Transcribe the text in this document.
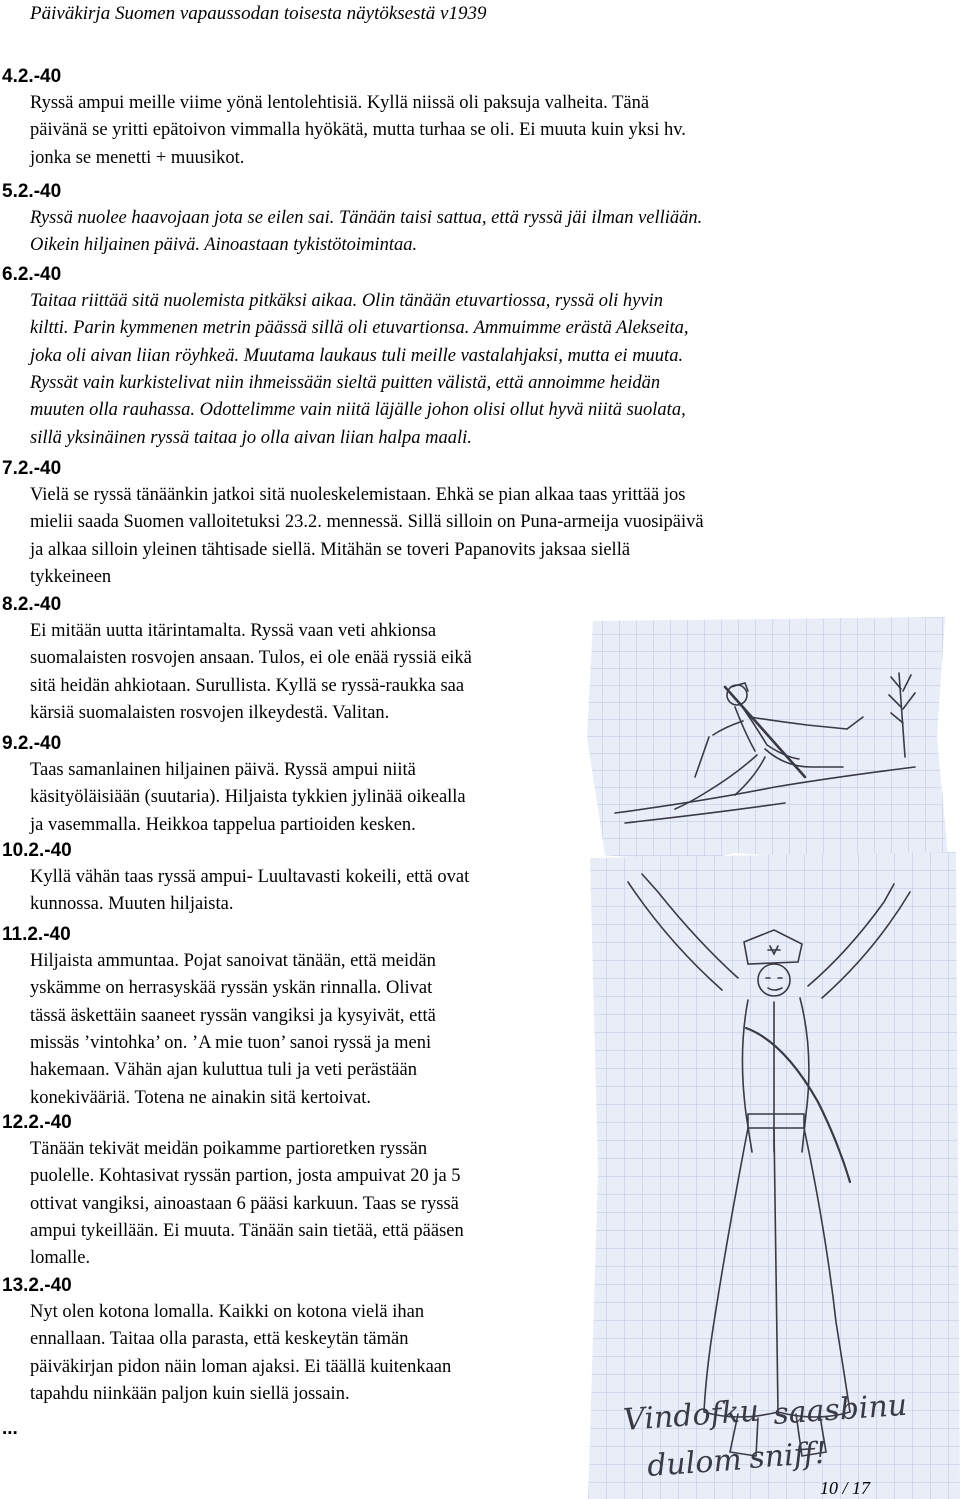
Päiväkirja Suomen vapaussodan toisesta näytöksestä v1939
4.2.-40
Ryssä ampui meille viime yönä lentolehtisiä. Kyllä niissä oli paksuja valheita. Tänä
päivänä se yritti epätoivon vimmalla hyökätä, mutta turhaa se oli. Ei muuta kuin yksi hv.
jonka se menetti + muusikot.
5.2.-40
Ryssä nuolee haavojaan jota se eilen sai. Tänään taisi sattua, että ryssä jäi ilman velliään.
Oikein hiljainen päivä. Ainoastaan tykistötoimintaa.
6.2.-40
Taitaa riittää sitä nuolemista pitkäksi aikaa. Olin tänään etuvartiossa, ryssä oli hyvin
kiltti. Parin kymmenen metrin päässä sillä oli etuvartionsa. Ammuimme erästä Alekseita,
joka oli aivan liian röyhkeä. Muutama laukaus tuli meille vastalahjaksi, mutta ei muuta.
Ryssät vain kurkistelivat niin ihmeissään sieltä puitten välistä, että annoimme heidän
muuten olla rauhassa. Odottelimme vain niitä läjälle johon olisi ollut hyvä niitä suolata,
sillä yksinäinen ryssä taitaa jo olla aivan liian halpa maali.
7.2.-40
Vielä se ryssä tänäänkin jatkoi sitä nuoleskelemistaan. Ehkä se pian alkaa taas yrittää jos
mielii saada Suomen valloitetuksi 23.2. mennessä. Sillä silloin on Puna-armeija vuosipäivä
ja alkaa silloin yleinen tähtisade siellä. Mitähän se toveri Papanovits jaksaa siellä
tykkeineen
8.2.-40
Ei mitään uutta itärintamalta. Ryssä vaan veti ahkionsa
suomalaisten rosvojen ansaan. Tulos, ei ole enää ryssiä eikä
sitä heidän ahkiotaan. Surullista. Kyllä se ryssä-raukka saa
kärsiä suomalaisten rosvojen ilkeydestä. Valitan.
9.2.-40
Taas samanlainen hiljainen päivä. Ryssä ampui niitä
käsityöläisiään (suutaria). Hiljaista tykkien jylinää oikealla
ja vasemmalla. Heikkoa tappelua partioiden kesken.
10.2.-40
Kyllä vähän taas ryssä ampui- Luultavasti kokeili, että ovat
kunnossa. Muuten hiljaista.
11.2.-40
Hiljaista ammuntaa. Pojat sanoivat tänään, että meidän
yskämme on herrasyskää ryssän yskän rinnalla. Olivat
tässä äskettäin saaneet ryssän vangiksi ja kysyivät, että
missäs ’vintohka’ on. ’A mie tuon’ sanoi ryssä ja meni
hakemaan. Vähän ajan kuluttua tuli ja veti perästään
konekiväärіä. Totena ne ainakin sitä kertoivat.
12.2.-40
Tänään tekivät meidän poikamme partioretken ryssän
puolelle. Kohtasivat ryssän partion, josta ampuivat 20 ja 5
ottivat vangiksi, ainoastaan 6 pääsi karkuun. Taas se ryssä
ampui tykeillään. Ei muuta. Tänään sain tietää, että pääsen
lomalle.
13.2.-40
Nyt olen kotona lomalla. Kaikki on kotona vielä ihan
ennallaan. Taitaa olla parasta, että keskeytän tämän
päiväkirjan pidon näin loman ajaksi. Ei täällä kuitenkaan
tapahdu niinkään paljon kuin siellä jossain.
...	Vindofku saasbinu
dulom sniff!
10 / 17
